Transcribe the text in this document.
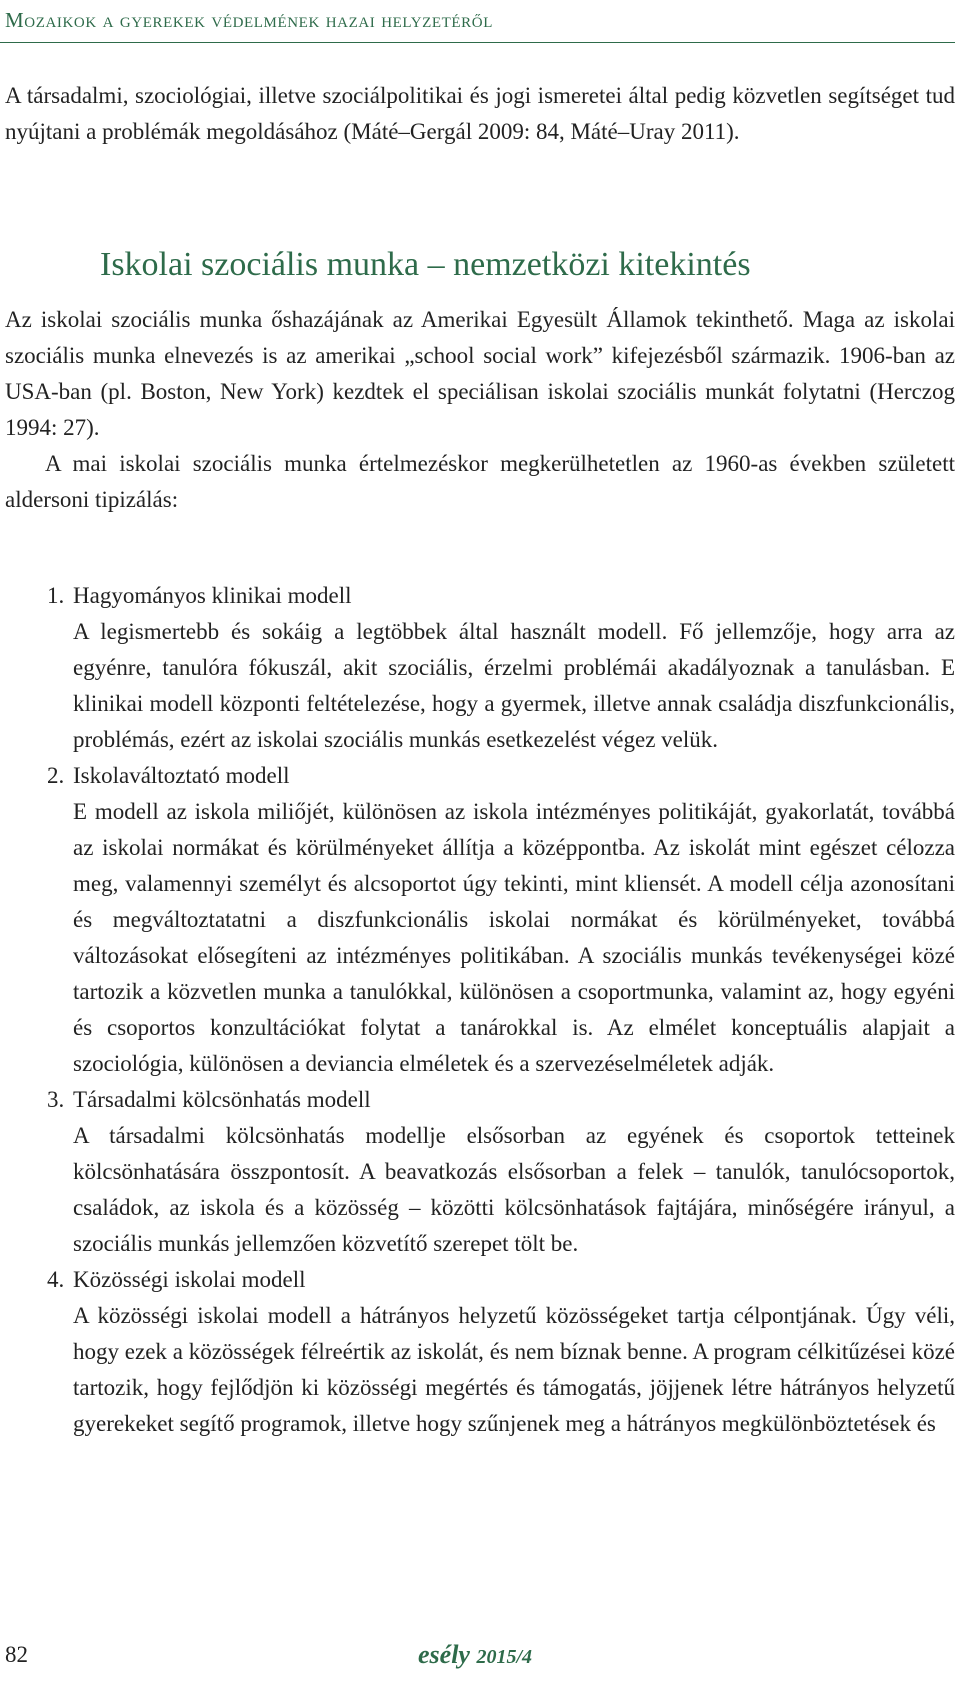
Mozaikok a gyerekek védelmének hazai helyzetéről

A társadalmi, szociológiai, illetve szociálpolitikai és jogi ismeretei által pedig közvetlen segítséget tud nyújtani a problémák megoldásához (Máté–Gergál 2009: 84, Máté–Uray 2011).

Iskolai szociális munka – nemzetközi kitekintés

Az iskolai szociális munka őshazájának az Amerikai Egyesült Államok tekinthető. Maga az iskolai szociális munka elnevezés is az amerikai „school social work” kifejezésből származik. 1906-ban az USA-ban (pl. Boston, New York) kezdtek el speciálisan iskolai szociális munkát folytatni (Herczog 1994: 27).

A mai iskolai szociális munka értelmezéskor megkerülhetetlen az 1960-as években született aldersoni tipizálás:

1. Hagyományos klinikai modell
A legismertebb és sokáig a legtöbbek által használt modell. Fő jellemzője, hogy arra az egyénre, tanulóra fókuszál, akit szociális, érzelmi problémái akadályoznak a tanulásban. E klinikai modell központi feltételezése, hogy a gyermek, illetve annak családja diszfunkcionális, problémás, ezért az iskolai szociális munkás esetkezelést végez velük.
2. Iskolaváltoztató modell
E modell az iskola miliőjét, különösen az iskola intézményes politikáját, gyakorlatát, továbbá az iskolai normákat és körülményeket állítja a középpontba. Az iskolát mint egészet célozza meg, valamennyi személyt és alcsoportot úgy tekinti, mint kliensét. A modell célja azonosítani és megváltoztatatni a diszfunkcionális iskolai normákat és körülményeket, továbbá változásokat elősegíteni az intézményes politikában. A szociális munkás tevékenységei közé tartozik a közvetlen munka a tanulókkal, különösen a csoportmunka, valamint az, hogy egyéni és csoportos konzultációkat folytat a tanárokkal is. Az elmélet konceptuális alapjait a szociológia, különösen a deviancia elméletek és a szervezéselméletek adják.
3. Társadalmi kölcsönhatás modell
A társadalmi kölcsönhatás modellje elsősorban az egyének és csoportok tetteinek kölcsönhatására összpontosít. A beavatkozás elsősorban a felek – tanulók, tanulócsoportok, családok, az iskola és a közösség – közötti kölcsönhatások fajtájára, minőségére irányul, a szociális munkás jellemzően közvetítő szerepet tölt be.
4. Közösségi iskolai modell
A közösségi iskolai modell a hátrányos helyzetű közösségeket tartja célpontjának. Úgy véli, hogy ezek a közösségek félreértik az iskolát, és nem bíznak benne. A program célkitűzései közé tartozik, hogy fejlődjön ki közösségi megértés és támogatás, jöjjenek létre hátrányos helyzetű gyerekeket segítő programok, illetve hogy szűnjenek meg a hátrányos megkülönböztetések és
82	esély 2015/4
